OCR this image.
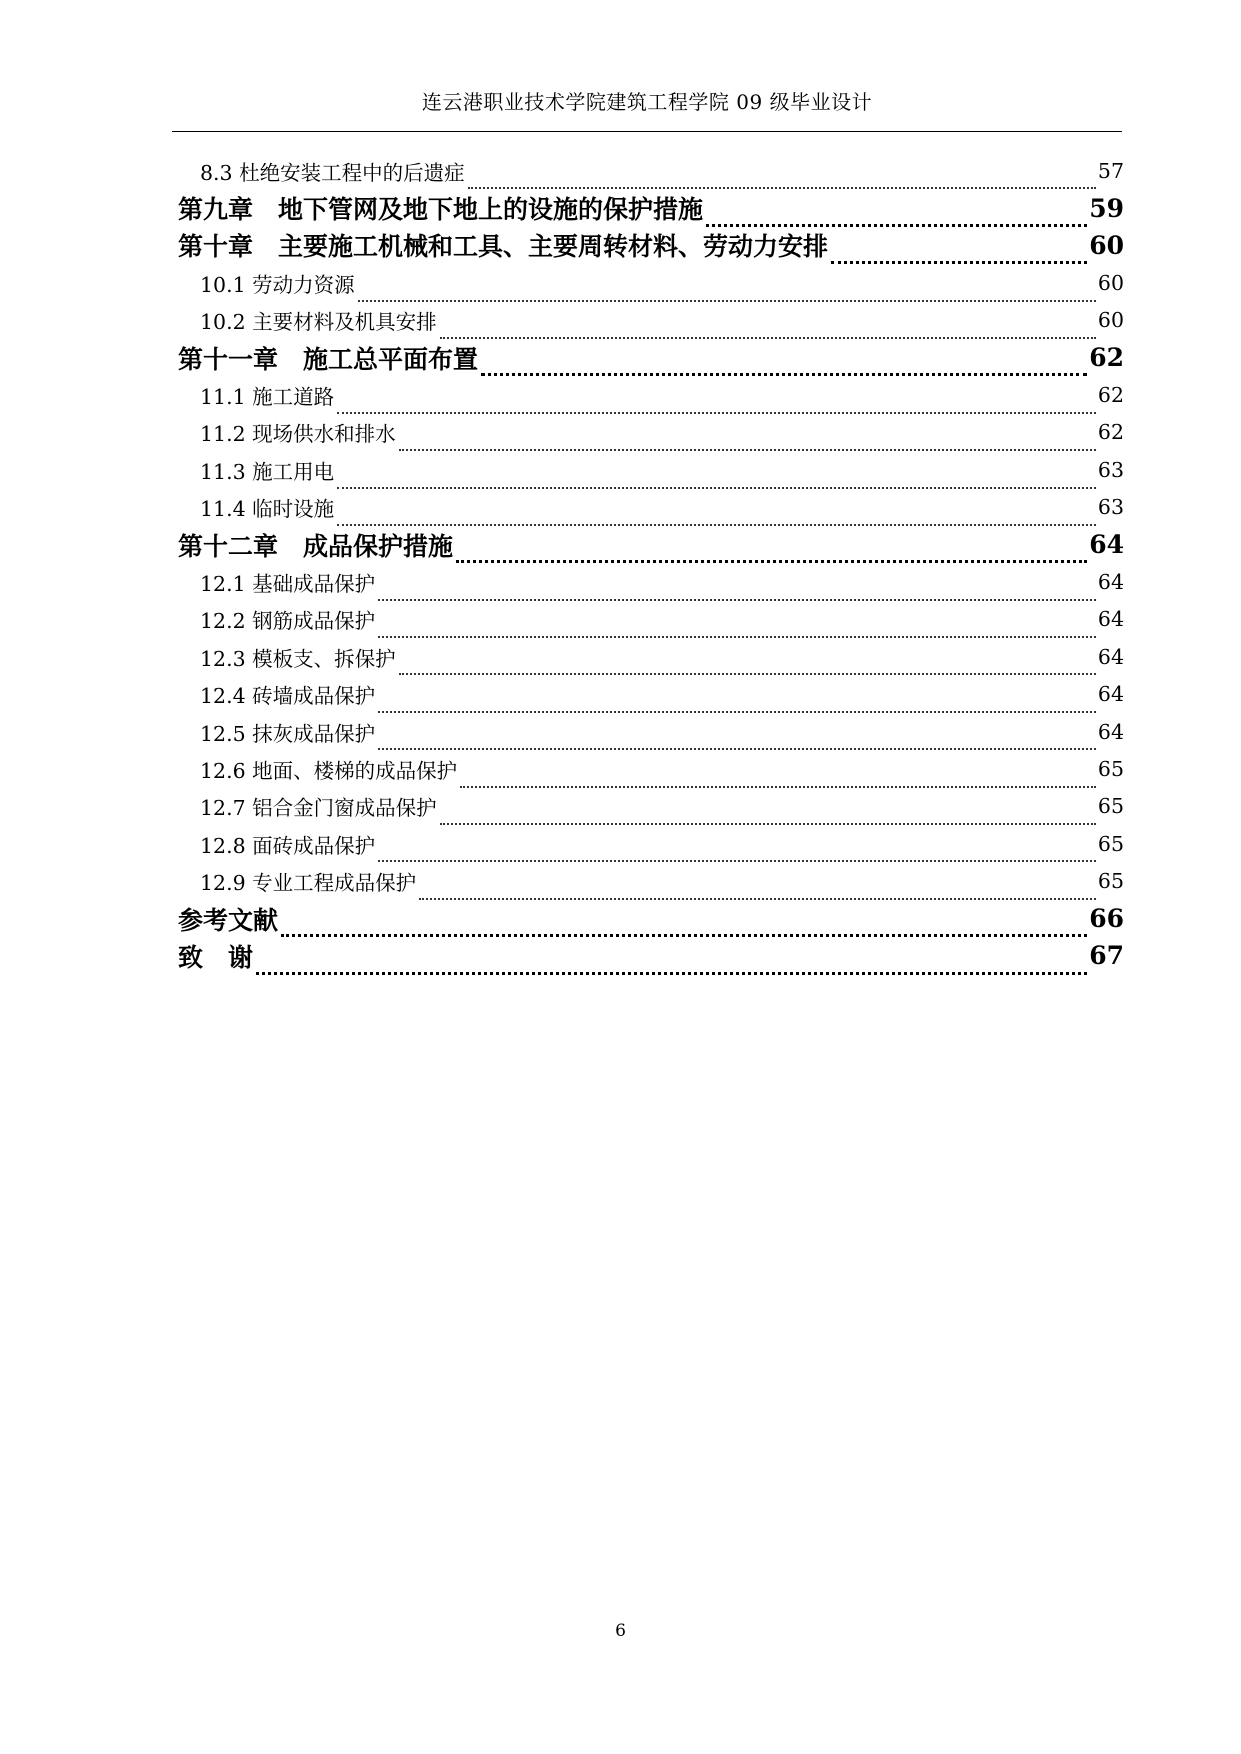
连云港职业技术学院建筑工程学院 09 级毕业设计
8.3 杜绝安装工程中的后遗症	57
第九章　地下管网及地下地上的设施的保护措施	59
第十章　主要施工机械和工具、主要周转材料、劳动力安排	60
10.1 劳动力资源	60
10.2 主要材料及机具安排	60
第十一章　施工总平面布置	62
11.1 施工道路	62
11.2 现场供水和排水	62
11.3 施工用电	63
11.4 临时设施	63
第十二章　成品保护措施	64
12.1 基础成品保护	64
12.2 钢筋成品保护	64
12.3 模板支、拆保护	64
12.4 砖墙成品保护	64
12.5 抹灰成品保护	64
12.6 地面、楼梯的成品保护	65
12.7 铝合金门窗成品保护	65
12.8 面砖成品保护	65
12.9 专业工程成品保护	65
参考文献	66
致　谢	67
6
